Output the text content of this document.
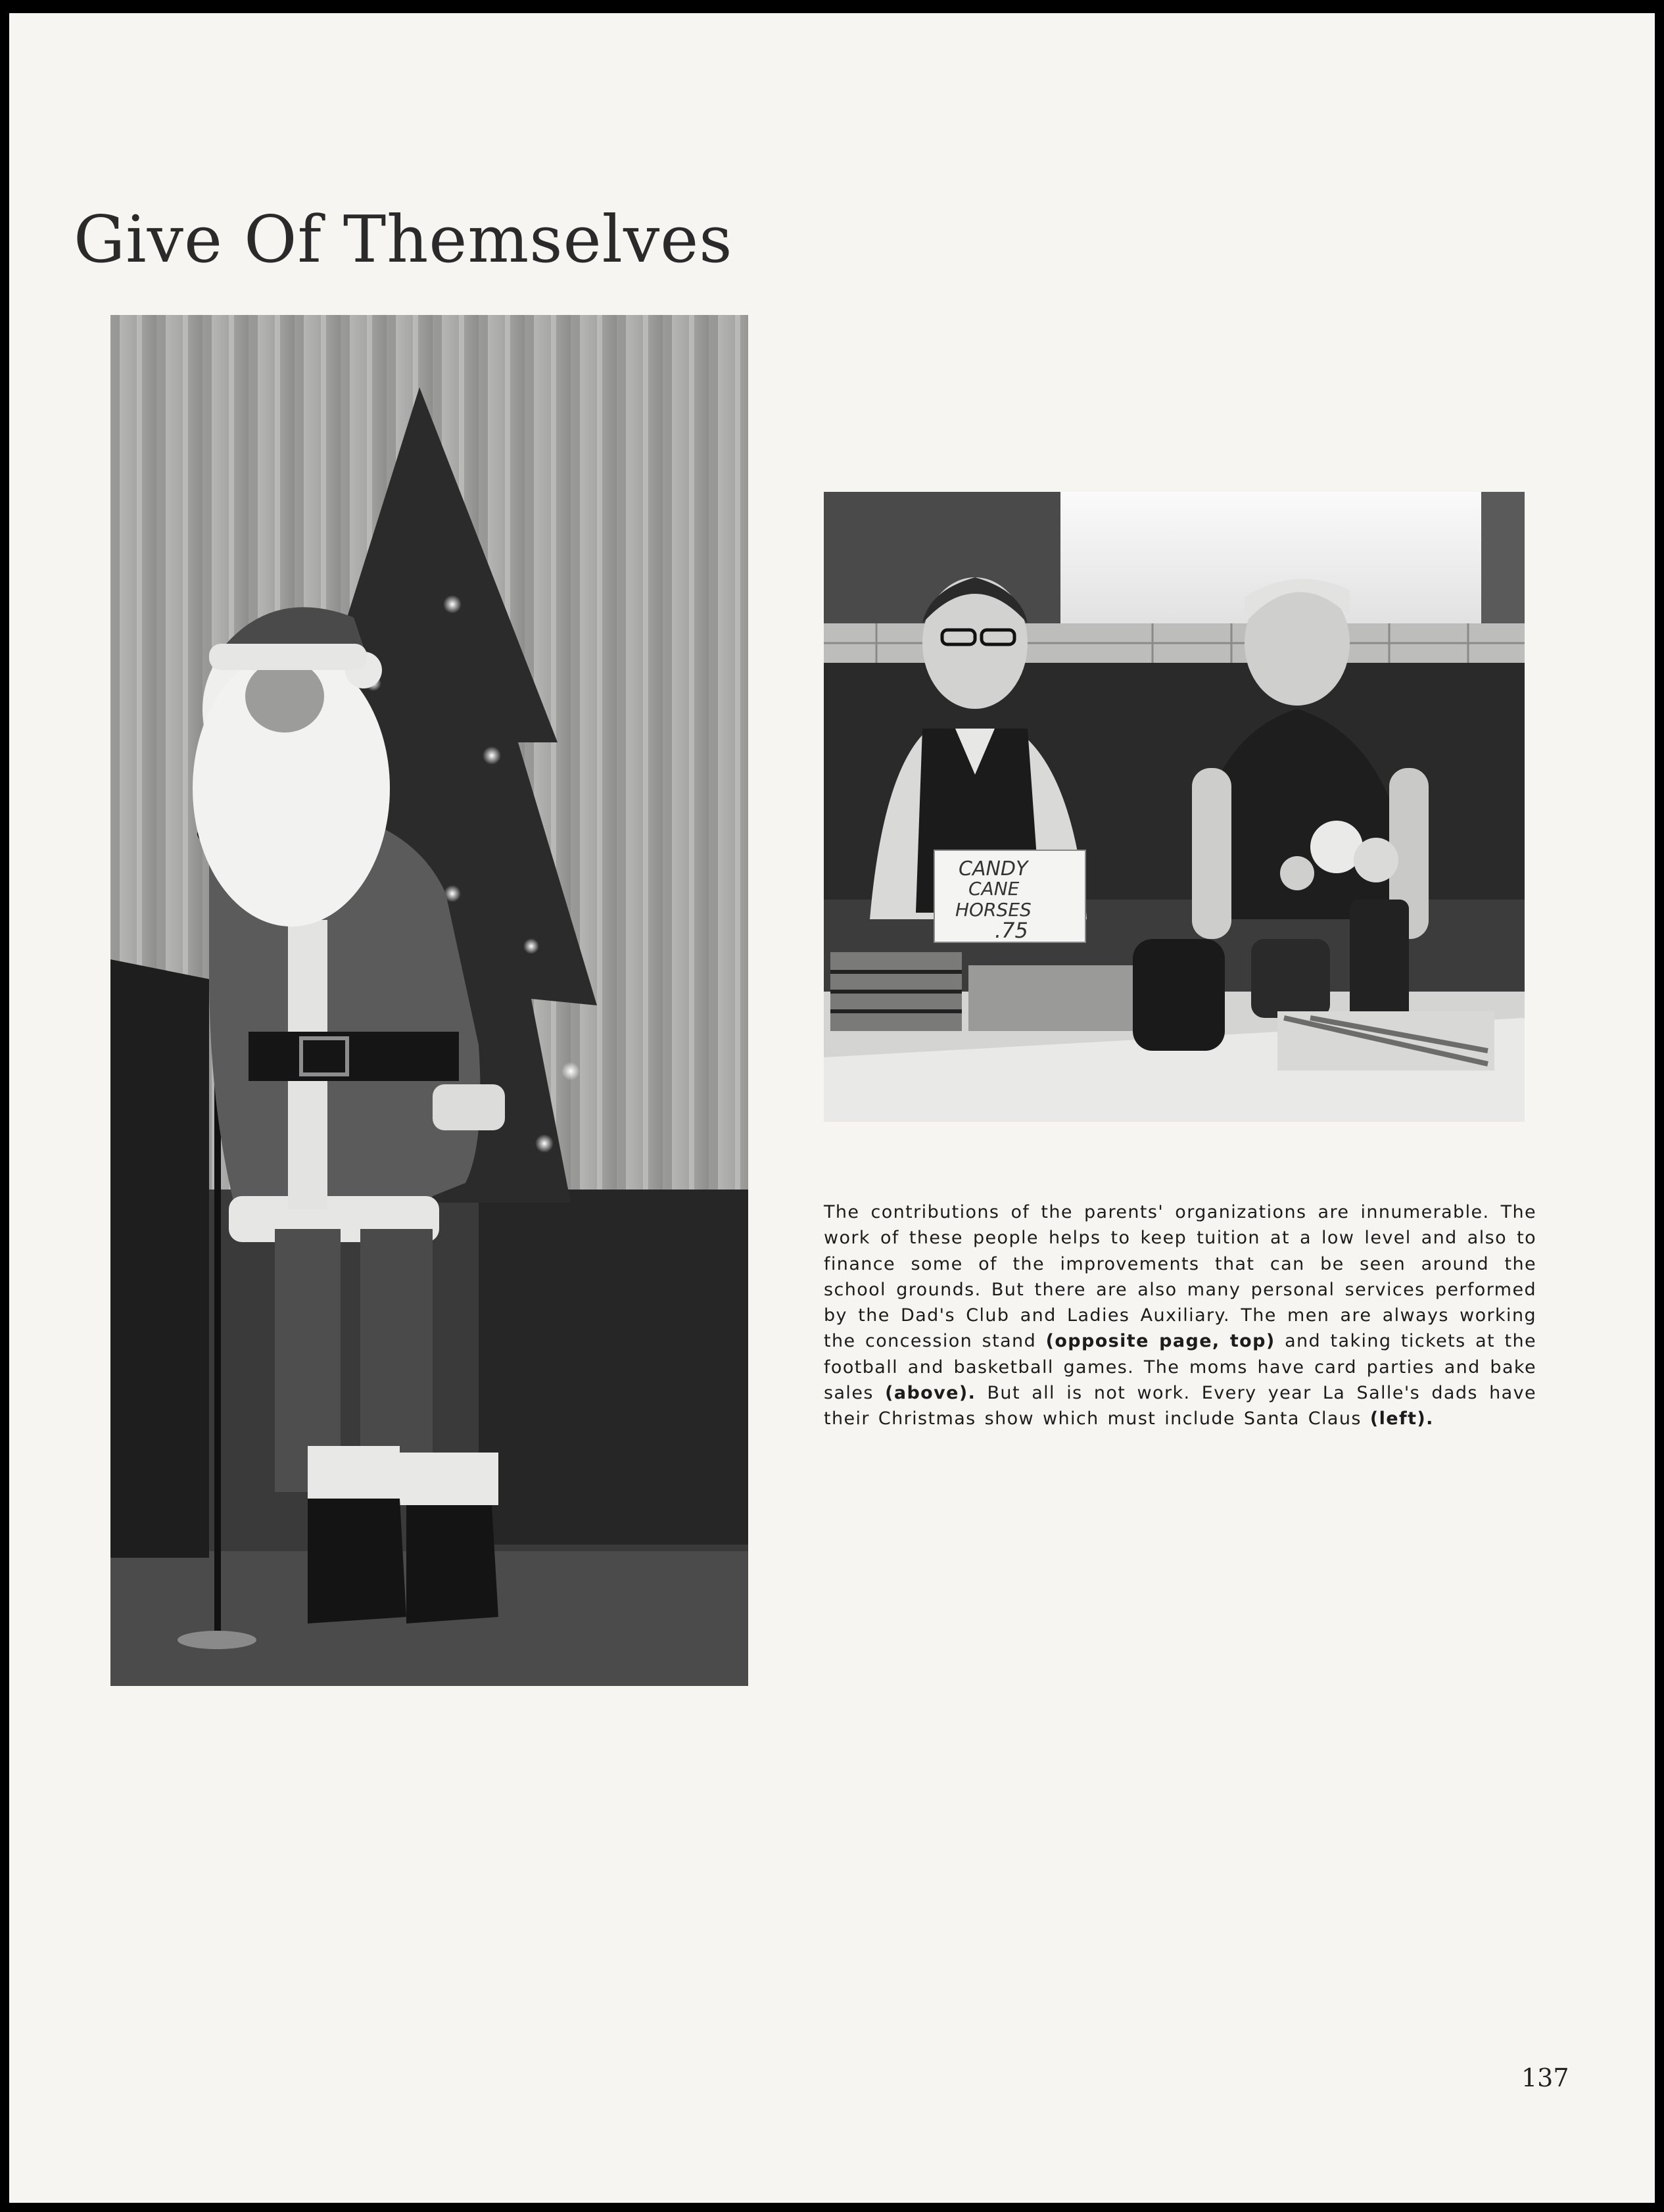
Give Of Themselves
CANDY
CANE
HORSES
.75

The contributions of the parents' organizations are innumerable. The work of these people helps to keep tuition at a low level and also to finance some of the improvements that can be seen around the school grounds. But there are also many personal services performed by the Dad's Club and Ladies Auxiliary. The men are always working the concession stand (opposite page, top) and taking tickets at the football and basketball games. The moms have card parties and bake sales (above). But all is not work. Every year La Salle's dads have their Christmas show which must include Santa Claus (left).

137
